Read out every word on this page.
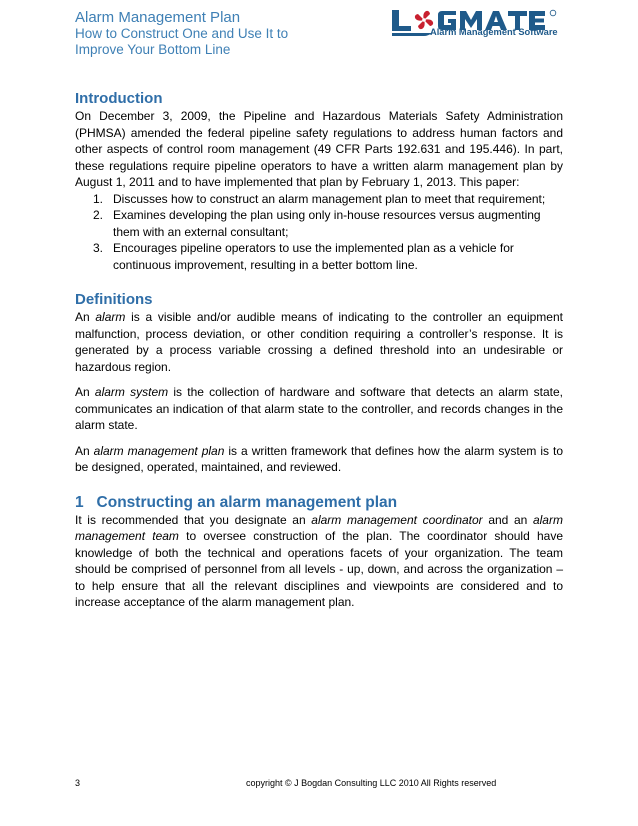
Alarm Management Plan
How to Construct One and Use It to
Improve Your Bottom Line
Alarm Management Software
Introduction

On December 3, 2009, the Pipeline and Hazardous Materials Safety Administration (PHMSA) amended the federal pipeline safety regulations to address human factors and other aspects of control room management (49 CFR Parts 192.631 and 195.446). In part, these regulations require pipeline operators to have a written alarm management plan by August 1, 2011 and to have implemented that plan by February 1, 2013. This paper:

1. Discusses how to construct an alarm management plan to meet that requirement;
2. Examines developing the plan using only in-house resources versus augmenting them with an external consultant;
3. Encourages pipeline operators to use the implemented plan as a vehicle for continuous improvement, resulting in a better bottom line.
Definitions

An alarm is a visible and/or audible means of indicating to the controller an equipment malfunction, process deviation, or other condition requiring a controller’s response. It is generated by a process variable crossing a defined threshold into an undesirable or hazardous region.

An alarm system is the collection of hardware and software that detects an alarm state, communicates an indication of that alarm state to the controller, and records changes in the alarm state.

An alarm management plan is a written framework that defines how the alarm system is to be designed, operated, maintained, and reviewed.

1 Constructing an alarm management plan

It is recommended that you designate an alarm management coordinator and an alarm management team to oversee construction of the plan. The coordinator should have knowledge of both the technical and operations facets of your organization. The team should be comprised of personnel from all levels - up, down, and across the organization – to help ensure that all the relevant disciplines and viewpoints are considered and to increase acceptance of the alarm management plan.

3	copyright © J Bogdan Consulting LLC 2010 All Rights reserved
